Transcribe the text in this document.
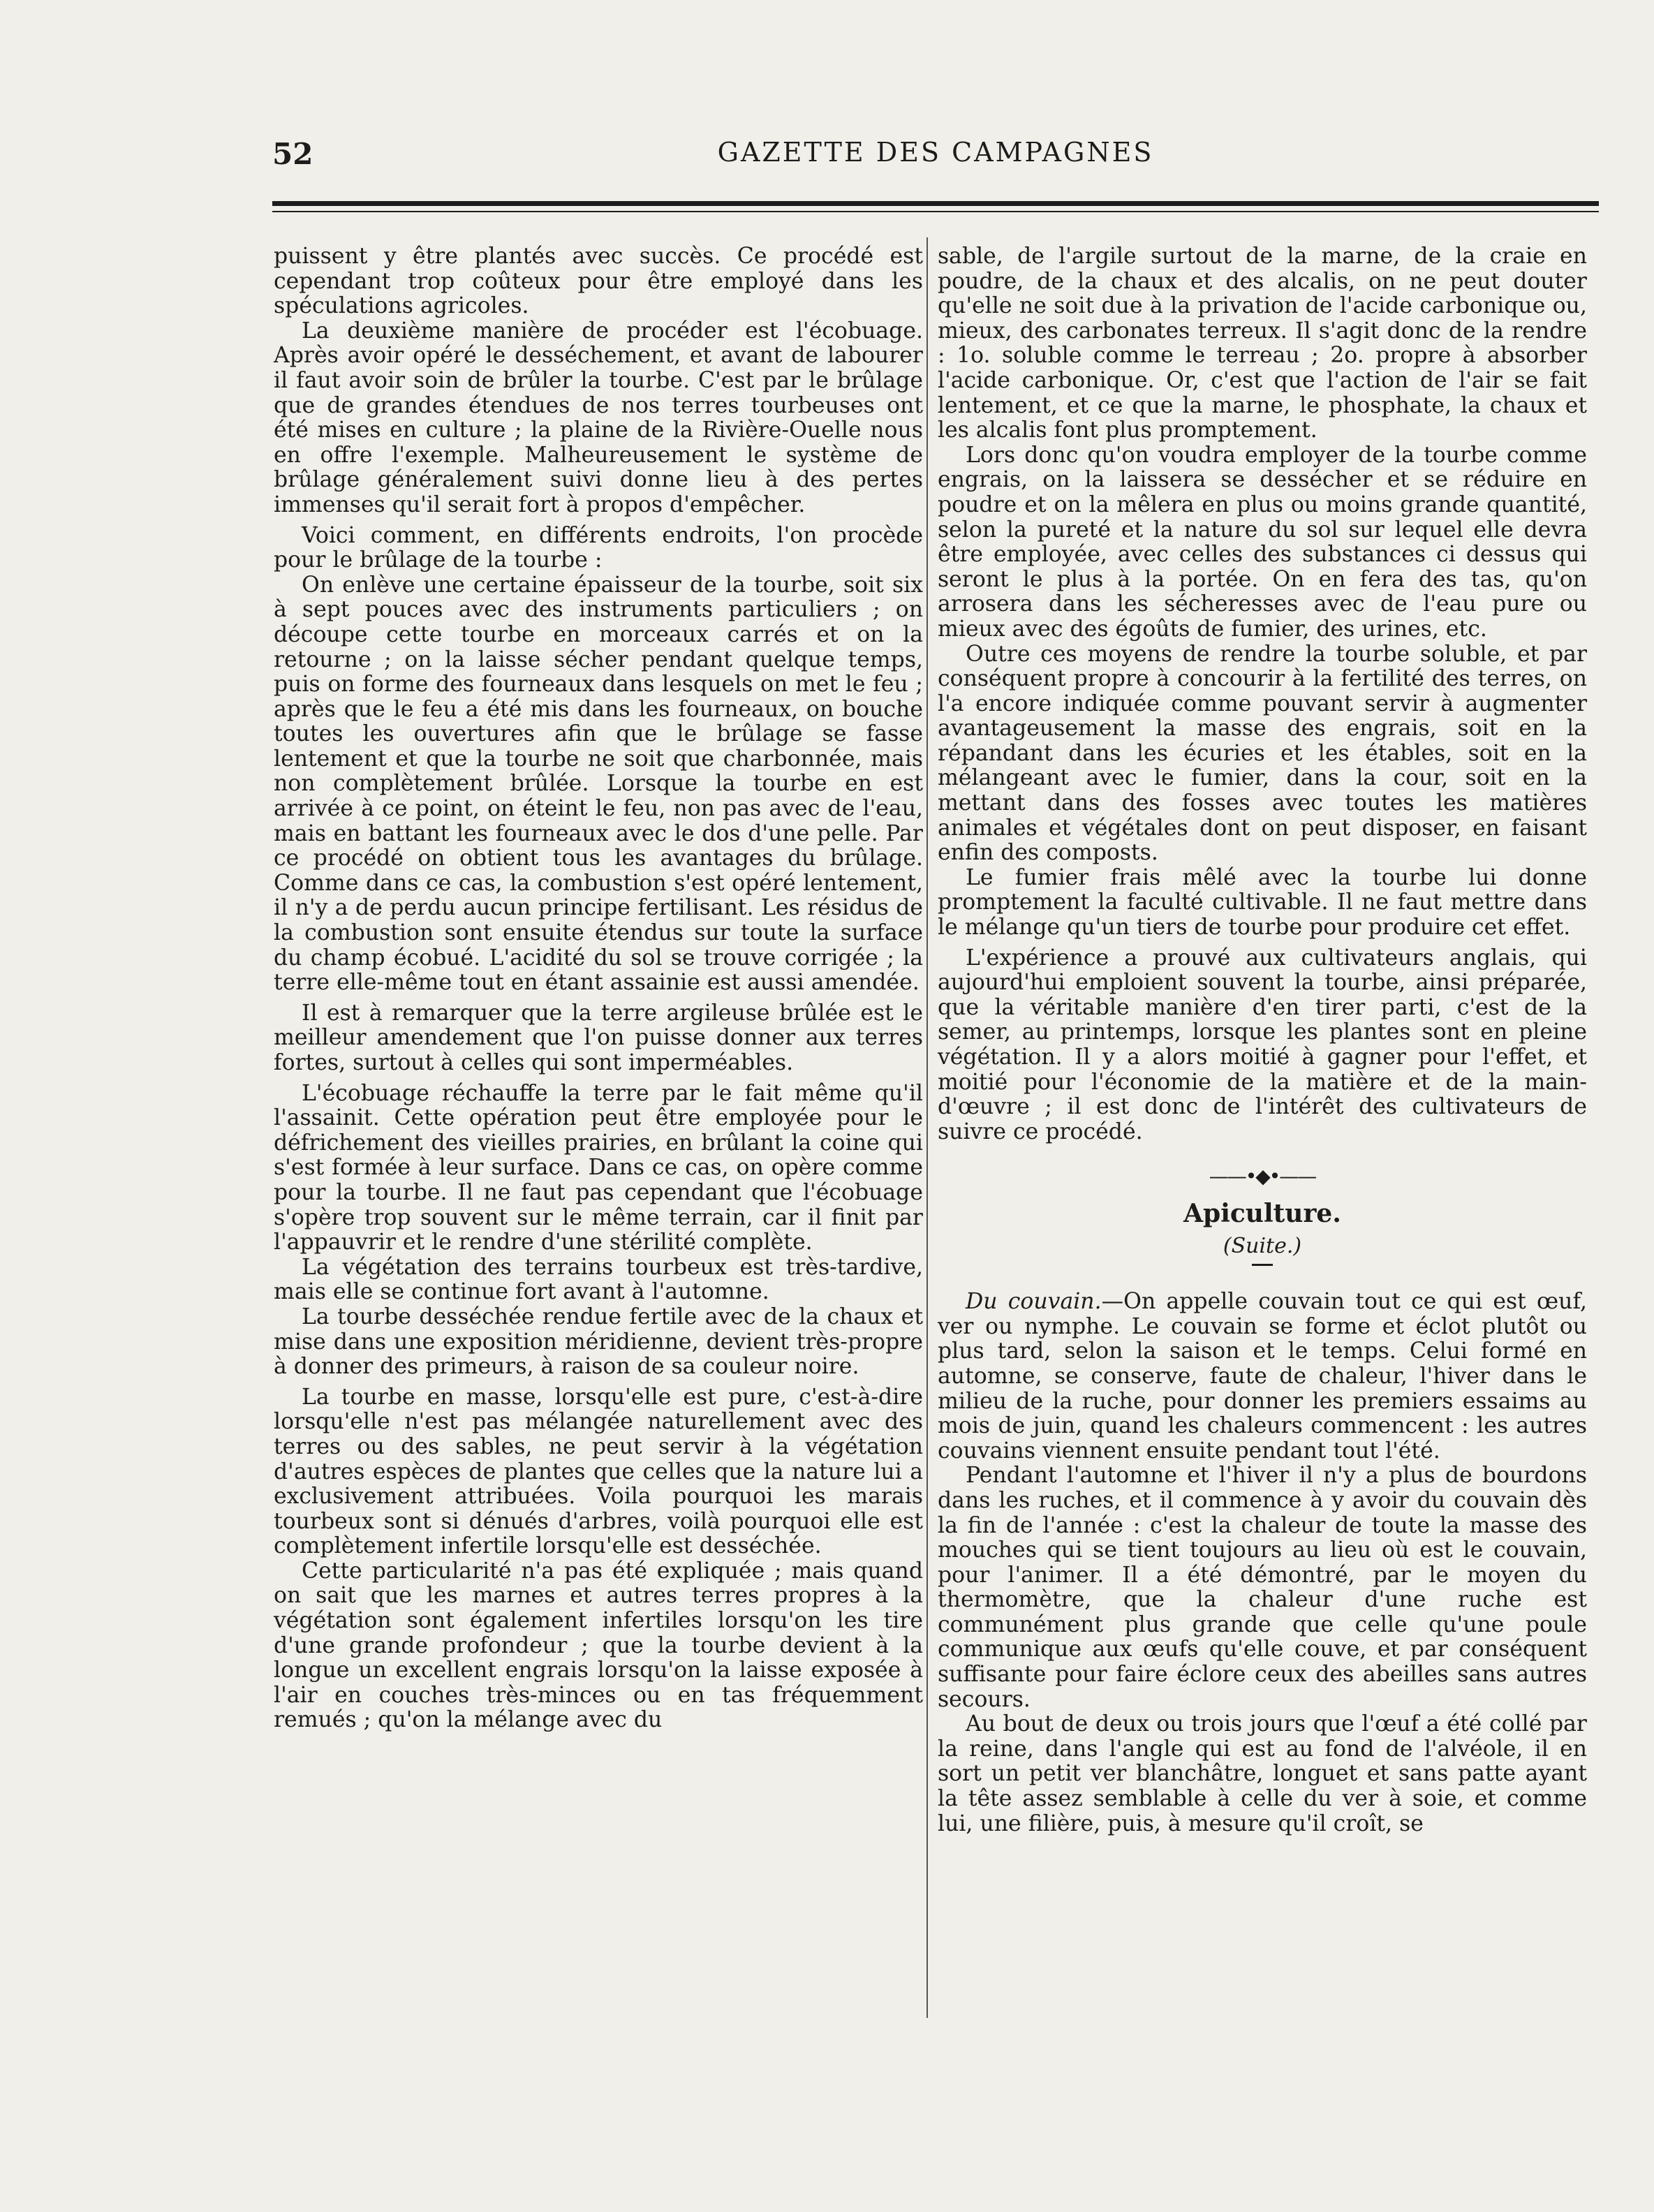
52	GAZETTE DES CAMPAGNES

puissent y être plantés avec succès. Ce procédé est cependant trop coûteux pour être employé dans les spéculations agricoles.

La deuxième manière de procéder est l'écobuage. Après avoir opéré le desséchement, et avant de labourer il faut avoir soin de brûler la tourbe. C'est par le brûlage que de grandes étendues de nos terres tourbeuses ont été mises en culture ; la plaine de la Rivière-Ouelle nous en offre l'exemple. Malheureusement le système de brûlage généralement suivi donne lieu à des pertes immenses qu'il serait fort à propos d'empêcher.

Voici comment, en différents endroits, l'on procède pour le brûlage de la tourbe :

On enlève une certaine épaisseur de la tourbe, soit six à sept pouces avec des instruments particuliers ; on découpe cette tourbe en morceaux carrés et on la retourne ; on la laisse sécher pendant quelque temps, puis on forme des fourneaux dans lesquels on met le feu ; après que le feu a été mis dans les fourneaux, on bouche toutes les ouvertures afin que le brûlage se fasse lentement et que la tourbe ne soit que charbonnée, mais non complètement brûlée. Lorsque la tourbe en est arrivée à ce point, on éteint le feu, non pas avec de l'eau, mais en battant les fourneaux avec le dos d'une pelle. Par ce procédé on obtient tous les avantages du brûlage. Comme dans ce cas, la combustion s'est opéré lentement, il n'y a de perdu aucun principe fertilisant. Les résidus de la combustion sont ensuite étendus sur toute la surface du champ écobué. L'acidité du sol se trouve corrigée ; la terre elle-même tout en étant assainie est aussi amendée.

Il est à remarquer que la terre argileuse brûlée est le meilleur amendement que l'on puisse donner aux terres fortes, surtout à celles qui sont imperméables.

L'écobuage réchauffe la terre par le fait même qu'il l'assainit. Cette opération peut être employée pour le défrichement des vieilles prairies, en brûlant la coine qui s'est formée à leur surface. Dans ce cas, on opère comme pour la tourbe. Il ne faut pas cependant que l'écobuage s'opère trop souvent sur le même terrain, car il finit par l'appauvrir et le rendre d'une stérilité complète.

La végétation des terrains tourbeux est très-tardive, mais elle se continue fort avant à l'automne.

La tourbe desséchée rendue fertile avec de la chaux et mise dans une exposition méridienne, devient très-propre à donner des primeurs, à raison de sa couleur noire.

La tourbe en masse, lorsqu'elle est pure, c'est-à-dire lorsqu'elle n'est pas mélangée naturellement avec des terres ou des sables, ne peut servir à la végétation d'autres espèces de plantes que celles que la nature lui a exclusivement attribuées. Voila pourquoi les marais tourbeux sont si dénués d'arbres, voilà pourquoi elle est complètement infertile lorsqu'elle est desséchée.

Cette particularité n'a pas été expliquée ; mais quand on sait que les marnes et autres terres propres à la végétation sont également infertiles lorsqu'on les tire d'une grande profondeur ; que la tourbe devient à la longue un excellent engrais lorsqu'on la laisse exposée à l'air en couches très-minces ou en tas fréquemment remués ; qu'on la mélange avec du

sable, de l'argile surtout de la marne, de la craie en poudre, de la chaux et des alcalis, on ne peut douter qu'elle ne soit due à la privation de l'acide carbonique ou, mieux, des carbonates terreux. Il s'agit donc de la rendre : 1o. soluble comme le terreau ; 2o. propre à absorber l'acide carbonique. Or, c'est que l'action de l'air se fait lentement, et ce que la marne, le phosphate, la chaux et les alcalis font plus promptement.

Lors donc qu'on voudra employer de la tourbe comme engrais, on la laissera se dessécher et se réduire en poudre et on la mêlera en plus ou moins grande quantité, selon la pureté et la nature du sol sur lequel elle devra être employée, avec celles des substances ci dessus qui seront le plus à la portée. On en fera des tas, qu'on arrosera dans les sécheresses avec de l'eau pure ou mieux avec des égoûts de fumier, des urines, etc.

Outre ces moyens de rendre la tourbe soluble, et par conséquent propre à concourir à la fertilité des terres, on l'a encore indiquée comme pouvant servir à augmenter avantageusement la masse des engrais, soit en la répandant dans les écuries et les étables, soit en la mélangeant avec le fumier, dans la cour, soit en la mettant dans des fosses avec toutes les matières animales et végétales dont on peut disposer, en faisant enfin des composts.

Le fumier frais mêlé avec la tourbe lui donne promptement la faculté cultivable. Il ne faut mettre dans le mélange qu'un tiers de tourbe pour produire cet effet.

L'expérience a prouvé aux cultivateurs anglais, qui aujourd'hui emploient souvent la tourbe, ainsi préparée, que la véritable manière d'en tirer parti, c'est de la semer, au printemps, lorsque les plantes sont en pleine végétation. Il y a alors moitié à gagner pour l'effet, et moitié pour l'économie de la matière et de la main-d'œuvre ; il est donc de l'intérêt des cultivateurs de suivre ce procédé.

——•◆•——
Apiculture.
(Suite.)

Du couvain.—On appelle couvain tout ce qui est œuf, ver ou nymphe. Le couvain se forme et éclot plutôt ou plus tard, selon la saison et le temps. Celui formé en automne, se conserve, faute de chaleur, l'hiver dans le milieu de la ruche, pour donner les premiers essaims au mois de juin, quand les chaleurs commencent : les autres couvains viennent ensuite pendant tout l'été.

Pendant l'automne et l'hiver il n'y a plus de bourdons dans les ruches, et il commence à y avoir du couvain dès la fin de l'année : c'est la chaleur de toute la masse des mouches qui se tient toujours au lieu où est le couvain, pour l'animer. Il a été démontré, par le moyen du thermomètre, que la chaleur d'une ruche est communément plus grande que celle qu'une poule communique aux œufs qu'elle couve, et par conséquent suffisante pour faire éclore ceux des abeilles sans autres secours.

Au bout de deux ou trois jours que l'œuf a été collé par la reine, dans l'angle qui est au fond de l'alvéole, il en sort un petit ver blanchâtre, longuet et sans patte ayant la tête assez semblable à celle du ver à soie, et comme lui, une filière, puis, à mesure qu'il croît, se
